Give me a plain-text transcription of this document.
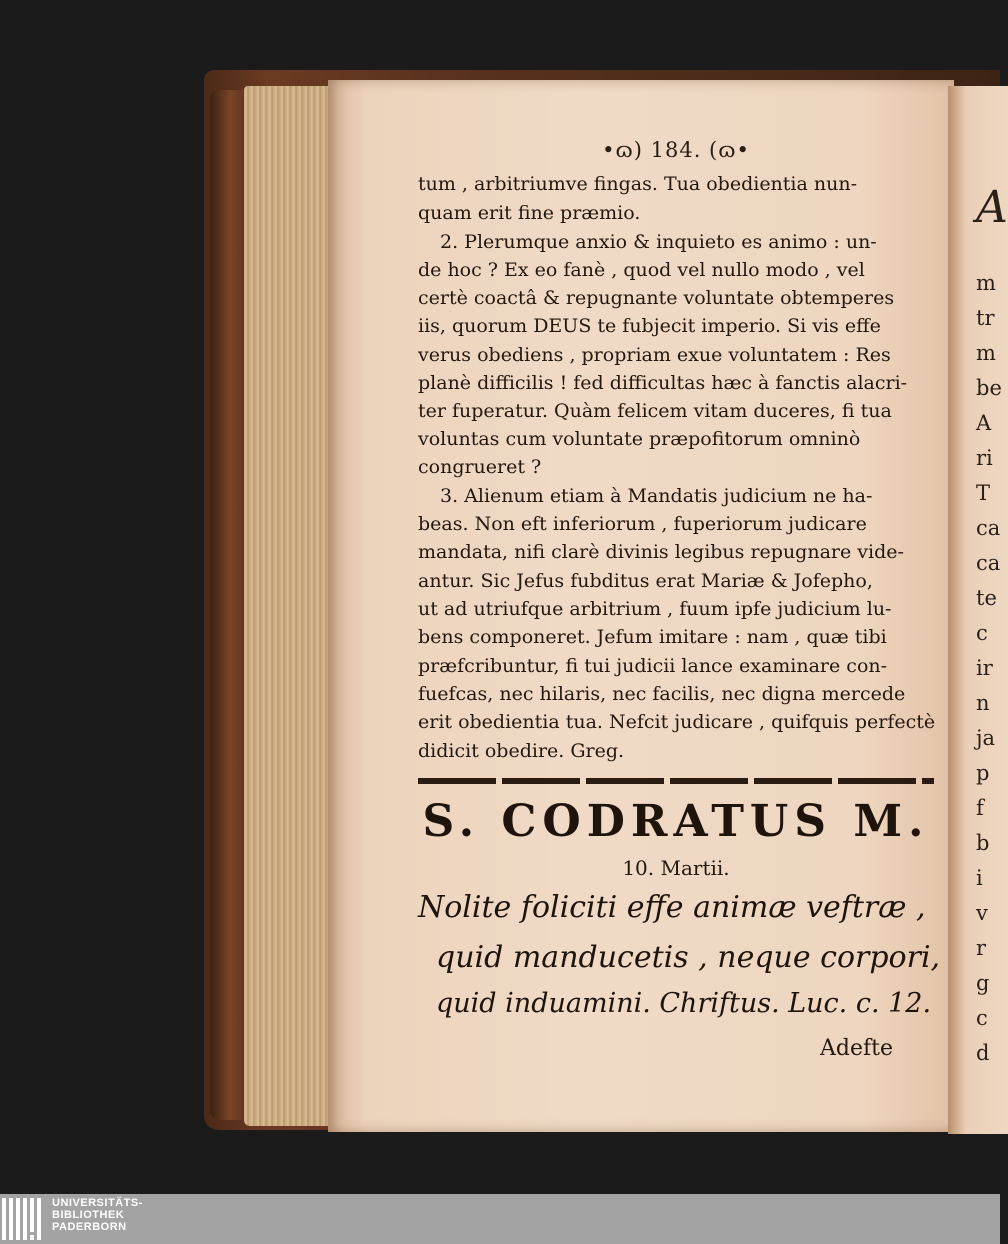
A
m
tr
m
be
A
ri
T
ca
ca
te
c
ir
n
ja
p
f
b
i
v
r
g
c
d
•ɷ) 184. (ɷ•
tum , arbitriumve fingas. Tua obedientia nun-
quam erit fine præmio.
2. Plerumque anxio & inquieto es animo : un-
de hoc ? Ex eo fanè , quod vel nullo modo , vel
certè coactâ & repugnante voluntate obtemperes
iis, quorum DEUS te fubjecit imperio. Si vis effe
verus obediens , propriam exue voluntatem : Res
planè difficilis ! fed difficultas hæc à fanctis alacri-
ter fuperatur. Quàm felicem vitam duceres, fi tua
voluntas cum voluntate præpofitorum omninò
congrueret ?
3. Alienum etiam à Mandatis judicium ne ha-
beas. Non eft inferiorum , fuperiorum judicare
mandata, nifi clarè divinis legibus repugnare vide-
antur. Sic Jefus fubditus erat Mariæ & Jofepho,
ut ad utriufque arbitrium , fuum ipfe judicium lu-
bens componeret. Jefum imitare : nam , quæ tibi
præfcribuntur, fi tui judicii lance examinare con-
fuefcas, nec hilaris, nec facilis, nec digna mercede
erit obedientia tua. Nefcit judicare , quifquis perfectè
didicit obedire. Greg.
S. CODRATUS M.
10. Martii.
Nolite foliciti effe animæ veftræ ,
quid manducetis , neque corpori,
quid induamini. Chriftus. Luc. c. 12.
Adefte
UNIVERSITÄTS-
BIBLIOTHEK
PADERBORN
